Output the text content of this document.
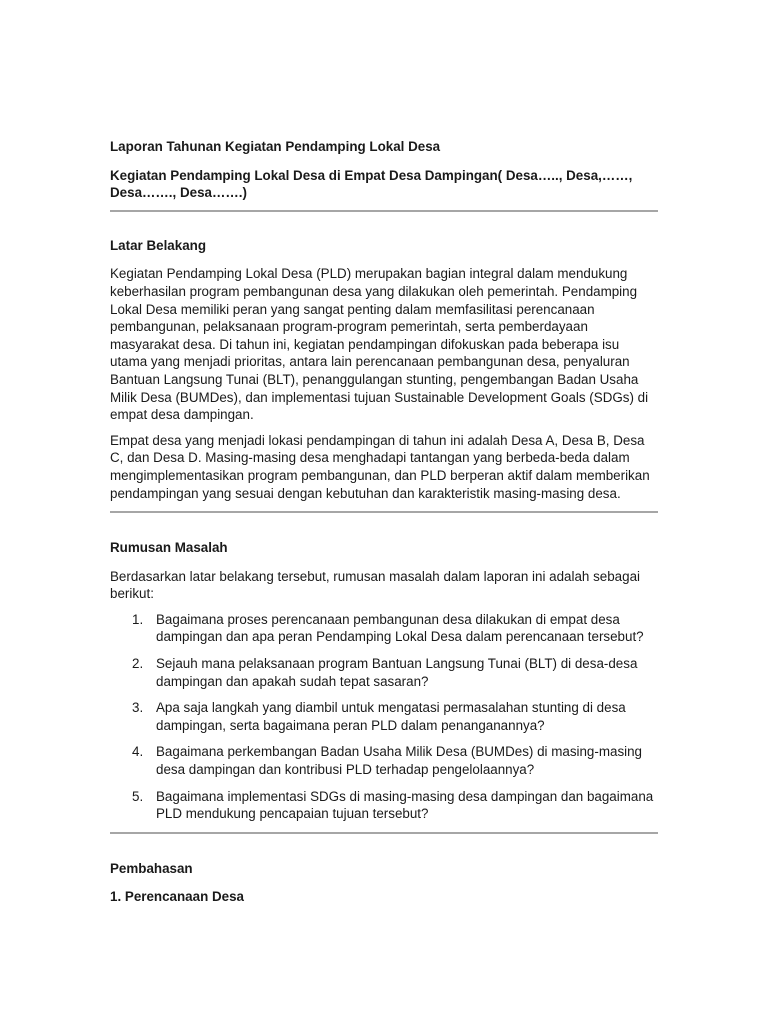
Laporan Tahunan Kegiatan Pendamping Lokal Desa
Kegiatan Pendamping Lokal Desa di Empat Desa Dampingan( Desa….., Desa,……, Desa……., Desa…….)
Latar Belakang

Kegiatan Pendamping Lokal Desa (PLD) merupakan bagian integral dalam mendukung keberhasilan program pembangunan desa yang dilakukan oleh pemerintah. Pendamping Lokal Desa memiliki peran yang sangat penting dalam memfasilitasi perencanaan pembangunan, pelaksanaan program-program pemerintah, serta pemberdayaan masyarakat desa. Di tahun ini, kegiatan pendampingan difokuskan pada beberapa isu utama yang menjadi prioritas, antara lain perencanaan pembangunan desa, penyaluran Bantuan Langsung Tunai (BLT), penanggulangan stunting, pengembangan Badan Usaha Milik Desa (BUMDes), dan implementasi tujuan Sustainable Development Goals (SDGs) di empat desa dampingan.

Empat desa yang menjadi lokasi pendampingan di tahun ini adalah Desa A, Desa B, Desa C, dan Desa D. Masing-masing desa menghadapi tantangan yang berbeda-beda dalam mengimplementasikan program pembangunan, dan PLD berperan aktif dalam memberikan pendampingan yang sesuai dengan kebutuhan dan karakteristik masing-masing desa.

Rumusan Masalah

Berdasarkan latar belakang tersebut, rumusan masalah dalam laporan ini adalah sebagai berikut:

1. Bagaimana proses perencanaan pembangunan desa dilakukan di empat desa dampingan dan apa peran Pendamping Lokal Desa dalam perencanaan tersebut?
2. Sejauh mana pelaksanaan program Bantuan Langsung Tunai (BLT) di desa-desa dampingan dan apakah sudah tepat sasaran?
3. Apa saja langkah yang diambil untuk mengatasi permasalahan stunting di desa dampingan, serta bagaimana peran PLD dalam penanganannya?
4. Bagaimana perkembangan Badan Usaha Milik Desa (BUMDes) di masing-masing desa dampingan dan kontribusi PLD terhadap pengelolaannya?
5. Bagaimana implementasi SDGs di masing-masing desa dampingan dan bagaimana PLD mendukung pencapaian tujuan tersebut?
Pembahasan
1. Perencanaan Desa
